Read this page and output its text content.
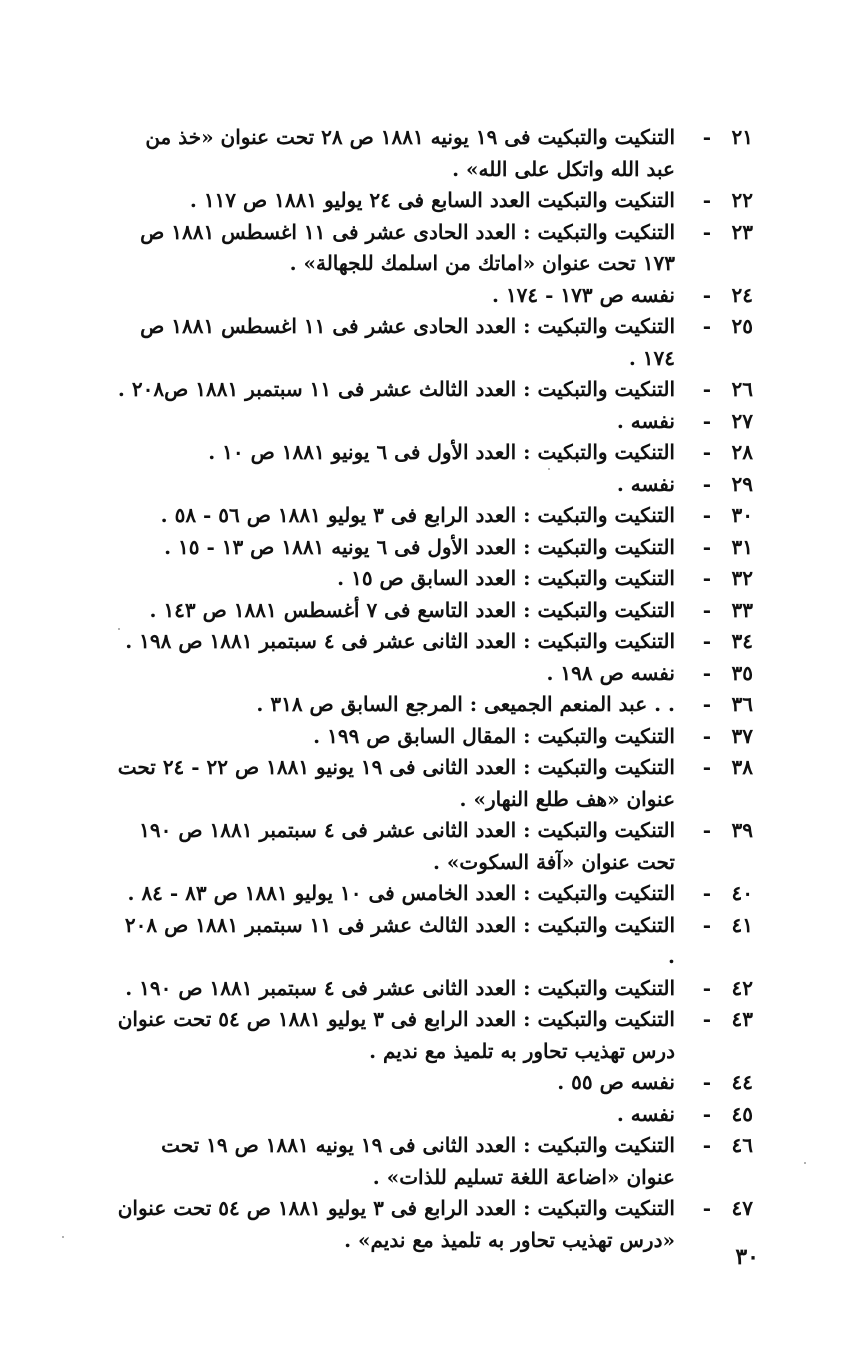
٢١
-
التنكيت والتبكيت فى ١٩ يونيه ١٨٨١ ص ٢٨ تحت عنوان «خذ من عبد الله واتكل على الله» .
٢٢
-
التنكيت والتبكيت العدد السابع فى ٢٤ يوليو ١٨٨١ ص ١١٧ .
٢٣
-
التنكيت والتبكيت : العدد الحادى عشر فى ١١ اغسطس ١٨٨١ ص ١٧٣ تحت عنوان «اماتك من اسلمك للجهالة» .
٢٤
-
نفسه ص ١٧٣ - ١٧٤ .
٢٥
-
التنكيت والتبكيت : العدد الحادى عشر فى ١١ اغسطس ١٨٨١ ص ١٧٤ .
٢٦
-
التنكيت والتبكيت : العدد الثالث عشر فى ١١ سبتمبر ١٨٨١ ص٢٠٨ .
٢٧
-
نفسه .
٢٨
-
التنكيت والتبكيت : العدد الأول فى ٦ يونيو ١٨٨١ ص ١٠ .
٢٩
-
نفسه .
٣٠
-
التنكيت والتبكيت : العدد الرابع فى ٣ يوليو ١٨٨١ ص ٥٦ - ٥٨ .
٣١
-
التنكيت والتبكيت : العدد الأول فى ٦ يونيه ١٨٨١ ص ١٣ - ١٥ .
٣٢
-
التنكيت والتبكيت : العدد السابق ص ١٥ .
٣٣
-
التنكيت والتبكيت : العدد التاسع فى ٧ أغسطس ١٨٨١ ص ١٤٣ .
٣٤
-
التنكيت والتبكيت : العدد الثانى عشر فى ٤ سبتمبر ١٨٨١ ص ١٩٨ .
٣٥
-
نفسه ص ١٩٨ .
٣٦
-
. . عبد المنعم الجميعى : المرجع السابق ص ٣١٨ .
٣٧
-
التنكيت والتبكيت : المقال السابق ص ١٩٩ .
٣٨
-
التنكيت والتبكيت : العدد الثانى فى ١٩ يونيو ١٨٨١ ص ٢٢ - ٢٤ تحت عنوان «هف طلع النهار» .
٣٩
-
التنكيت والتبكيت : العدد الثانى عشر فى ٤ سبتمبر ١٨٨١ ص ١٩٠ تحت عنوان «آفة السكوت» .
٤٠
-
التنكيت والتبكيت : العدد الخامس فى ١٠ يوليو ١٨٨١ ص ٨٣ - ٨٤ .
٤١
-
التنكيت والتبكيت : العدد الثالث عشر فى ١١ سبتمبر ١٨٨١ ص ٢٠٨ .
٤٢
-
التنكيت والتبكيت : العدد الثانى عشر فى ٤ سبتمبر ١٨٨١ ص ١٩٠ .
٤٣
-
التنكيت والتبكيت : العدد الرابع فى ٣ يوليو ١٨٨١ ص ٥٤ تحت عنوان درس تهذيب تحاور به تلميذ مع نديم .
٤٤
-
نفسه ص ٥٥ .
٤٥
-
نفسه .
٤٦
-
التنكيت والتبكيت : العدد الثانى فى ١٩ يونيه ١٨٨١ ص ١٩ تحت عنوان «اضاعة اللغة تسليم للذات» .
٤٧
-
التنكيت والتبكيت : العدد الرابع فى ٣ يوليو ١٨٨١ ص ٥٤ تحت عنوان «درس تهذيب تحاور به تلميذ مع نديم» .
٣٠
